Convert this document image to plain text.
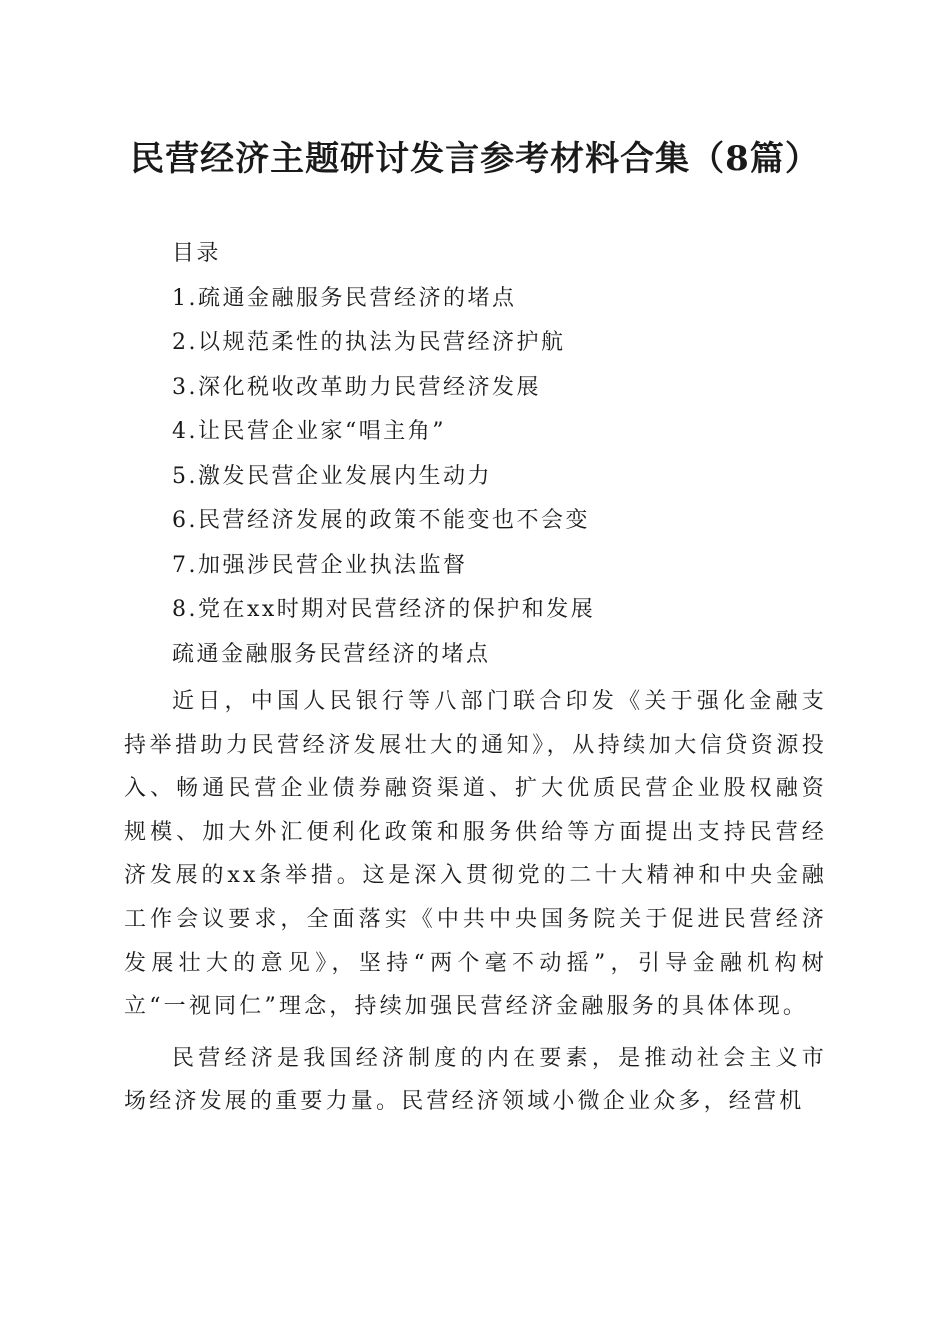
民营经济主题研讨发言参考材料合集（8篇）
目录
1.疏通金融服务民营经济的堵点
2.以规范柔性的执法为民营经济护航
3.深化税收改革助力民营经济发展
4.让民营企业家“唱主角”
5.激发民营企业发展内生动力
6.民营经济发展的政策不能变也不会变
7.加强涉民营企业执法监督
8.党在xx时期对民营经济的保护和发展
疏通金融服务民营经济的堵点

近日，中国人民银行等八部门联合印发《关于强化金融支持举措助力民营经济发展壮大的通知》，从持续加大信贷资源投入、畅通民营企业债券融资渠道、扩大优质民营企业股权融资规模、加大外汇便利化政策和服务供给等方面提出支持民营经济发展的xx条举措。这是深入贯彻党的二十大精神和中央金融工作会议要求，全面落实《中共中央国务院关于促进民营经济发展壮大的意见》，坚持“两个毫不动摇”，引导金融机构树立“一视同仁”理念，持续加强民营经济金融服务的具体体现。

民营经济是我国经济制度的内在要素，是推动社会主义市场经济发展的重要力量。民营经济领域小微企业众多，经营机
